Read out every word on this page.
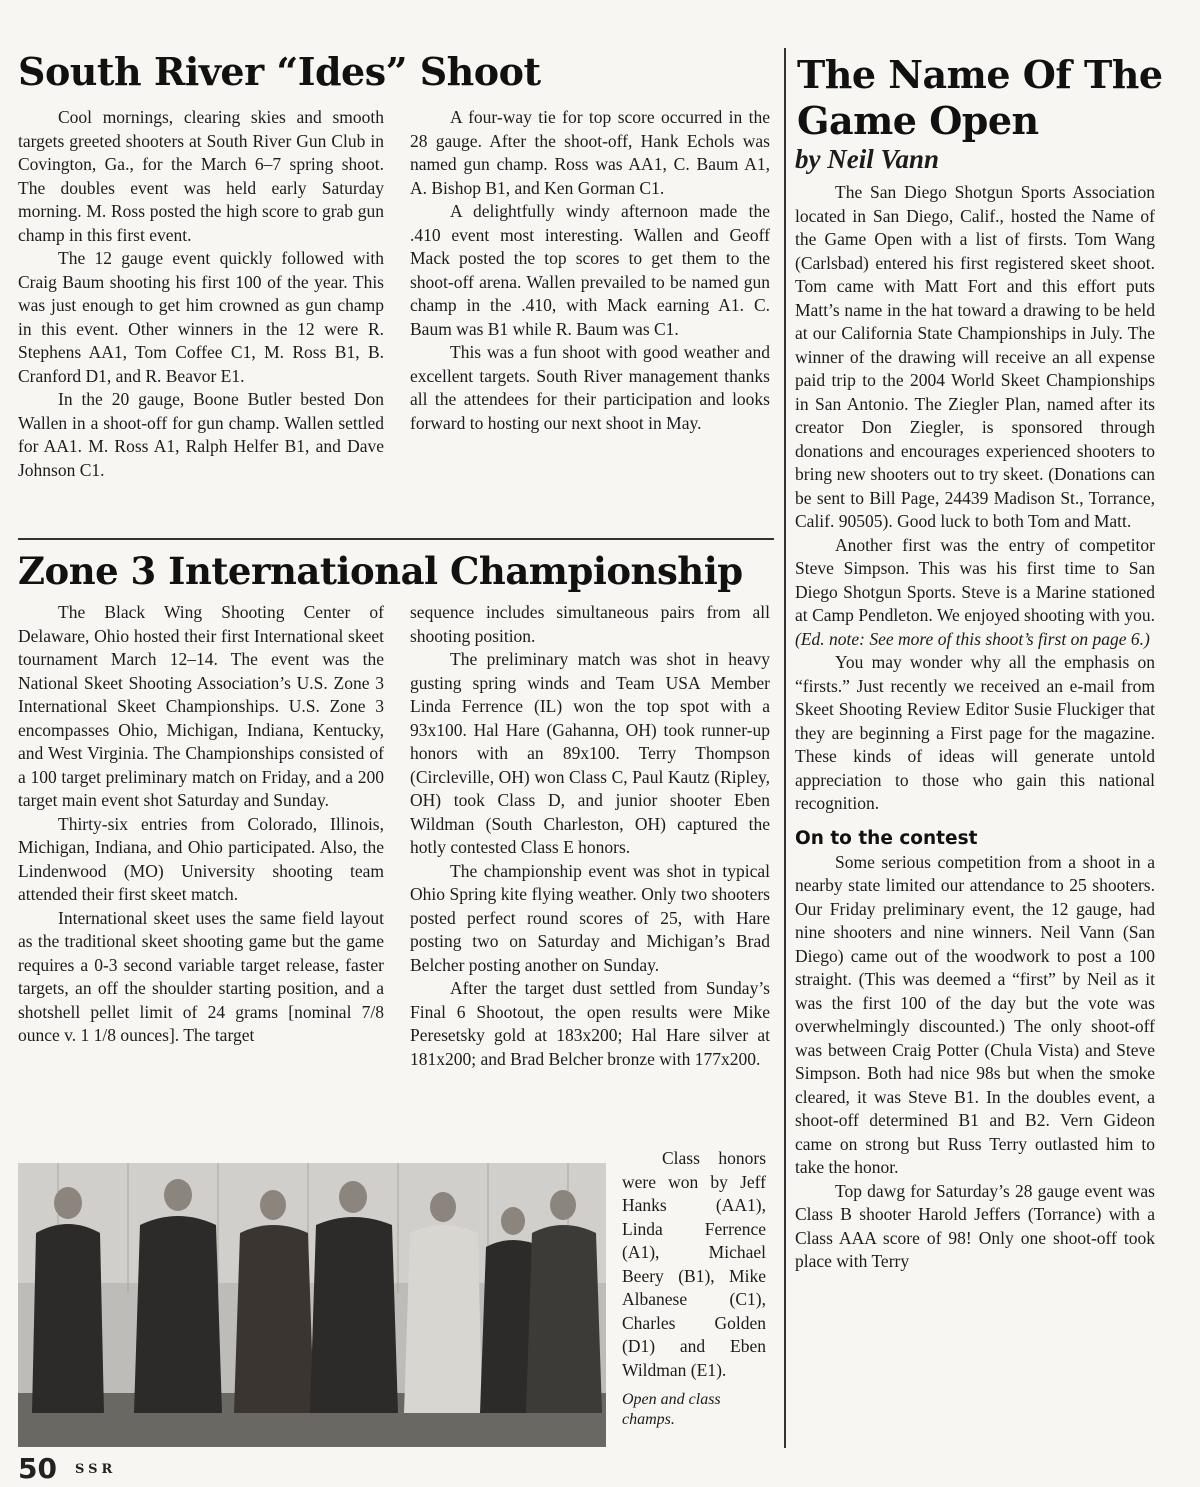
South River “Ides” Shoot

Cool mornings, clearing skies and smooth targets greeted shooters at South River Gun Club in Covington, Ga., for the March 6–7 spring shoot. The doubles event was held early Saturday morning. M. Ross posted the high score to grab gun champ in this first event.

The 12 gauge event quickly followed with Craig Baum shooting his first 100 of the year. This was just enough to get him crowned as gun champ in this event. Other winners in the 12 were R. Stephens AA1, Tom Coffee C1, M. Ross B1, B. Cranford D1, and R. Beavor E1.

In the 20 gauge, Boone Butler bested Don Wallen in a shoot-off for gun champ. Wallen settled for AA1. M. Ross A1, Ralph Helfer B1, and Dave Johnson C1.

A four-way tie for top score occurred in the 28 gauge. After the shoot-off, Hank Echols was named gun champ. Ross was AA1, C. Baum A1, A. Bishop B1, and Ken Gorman C1.

A delightfully windy afternoon made the .410 event most interesting. Wallen and Geoff Mack posted the top scores to get them to the shoot-off arena. Wallen prevailed to be named gun champ in the .410, with Mack earning A1. C. Baum was B1 while R. Baum was C1.

This was a fun shoot with good weather and excellent targets. South River management thanks all the attendees for their participation and looks forward to hosting our next shoot in May.

Zone 3 International Championship

The Black Wing Shooting Center of Delaware, Ohio hosted their first International skeet tournament March 12–14. The event was the National Skeet Shooting Association’s U.S. Zone 3 International Skeet Championships. U.S. Zone 3 encompasses Ohio, Michigan, Indiana, Kentucky, and West Virginia. The Championships consisted of a 100 target preliminary match on Friday, and a 200 target main event shot Saturday and Sunday.

Thirty-six entries from Colorado, Illinois, Michigan, Indiana, and Ohio participated. Also, the Lindenwood (MO) University shooting team attended their first skeet match.

International skeet uses the same field layout as the traditional skeet shooting game but the game requires a 0-3 second variable target release, faster targets, an off the shoulder starting position, and a shotshell pellet limit of 24 grams [nominal 7/8 ounce v. 1 1/8 ounces]. The target

sequence includes simultaneous pairs from all shooting position.

The preliminary match was shot in heavy gusting spring winds and Team USA Member Linda Ferrence (IL) won the top spot with a 93x100. Hal Hare (Gahanna, OH) took runner-up honors with an 89x100. Terry Thompson (Circleville, OH) won Class C, Paul Kautz (Ripley, OH) took Class D, and junior shooter Eben Wildman (South Charleston, OH) captured the hotly contested Class E honors.

The championship event was shot in typical Ohio Spring kite flying weather. Only two shooters posted perfect round scores of 25, with Hare posting two on Saturday and Michigan’s Brad Belcher posting another on Sunday.

After the target dust settled from Sunday’s Final 6 Shootout, the open results were Mike Peresetsky gold at 183x200; Hal Hare silver at 181x200; and Brad Belcher bronze with 177x200.

Class honors were won by Jeff Hanks (AA1), Linda Ferrence (A1), Michael Beery (B1), Mike Albanese (C1), Charles Golden (D1) and Eben Wildman (E1).

Open and class champs.
The Name Of The Game Open
by Neil Vann

The San Diego Shotgun Sports Association located in San Diego, Calif., hosted the Name of the Game Open with a list of firsts. Tom Wang (Carlsbad) entered his first registered skeet shoot. Tom came with Matt Fort and this effort puts Matt’s name in the hat toward a drawing to be held at our California State Championships in July. The winner of the drawing will receive an all expense paid trip to the 2004 World Skeet Championships in San Antonio. The Ziegler Plan, named after its creator Don Ziegler, is sponsored through donations and encourages experienced shooters to bring new shooters out to try skeet. (Donations can be sent to Bill Page, 24439 Madison St., Torrance, Calif. 90505). Good luck to both Tom and Matt.

Another first was the entry of competitor Steve Simpson. This was his first time to San Diego Shotgun Sports. Steve is a Marine stationed at Camp Pendleton. We enjoyed shooting with you. (Ed. note: See more of this shoot’s first on page 6.)

You may wonder why all the emphasis on “firsts.” Just recently we received an e-mail from Skeet Shooting Review Editor Susie Fluckiger that they are beginning a First page for the magazine. These kinds of ideas will generate untold appreciation to those who gain this national recognition.

On to the contest

Some serious competition from a shoot in a nearby state limited our attendance to 25 shooters. Our Friday preliminary event, the 12 gauge, had nine shooters and nine winners. Neil Vann (San Diego) came out of the woodwork to post a 100 straight. (This was deemed a “first” by Neil as it was the first 100 of the day but the vote was overwhelmingly discounted.) The only shoot-off was between Craig Potter (Chula Vista) and Steve Simpson. Both had nice 98s but when the smoke cleared, it was Steve B1. In the doubles event, a shoot-off determined B1 and B2. Vern Gideon came on strong but Russ Terry outlasted him to take the honor.

Top dawg for Saturday’s 28 gauge event was Class B shooter Harold Jeffers (Torrance) with a Class AAA score of 98! Only one shoot-off took place with Terry

50 SSR
